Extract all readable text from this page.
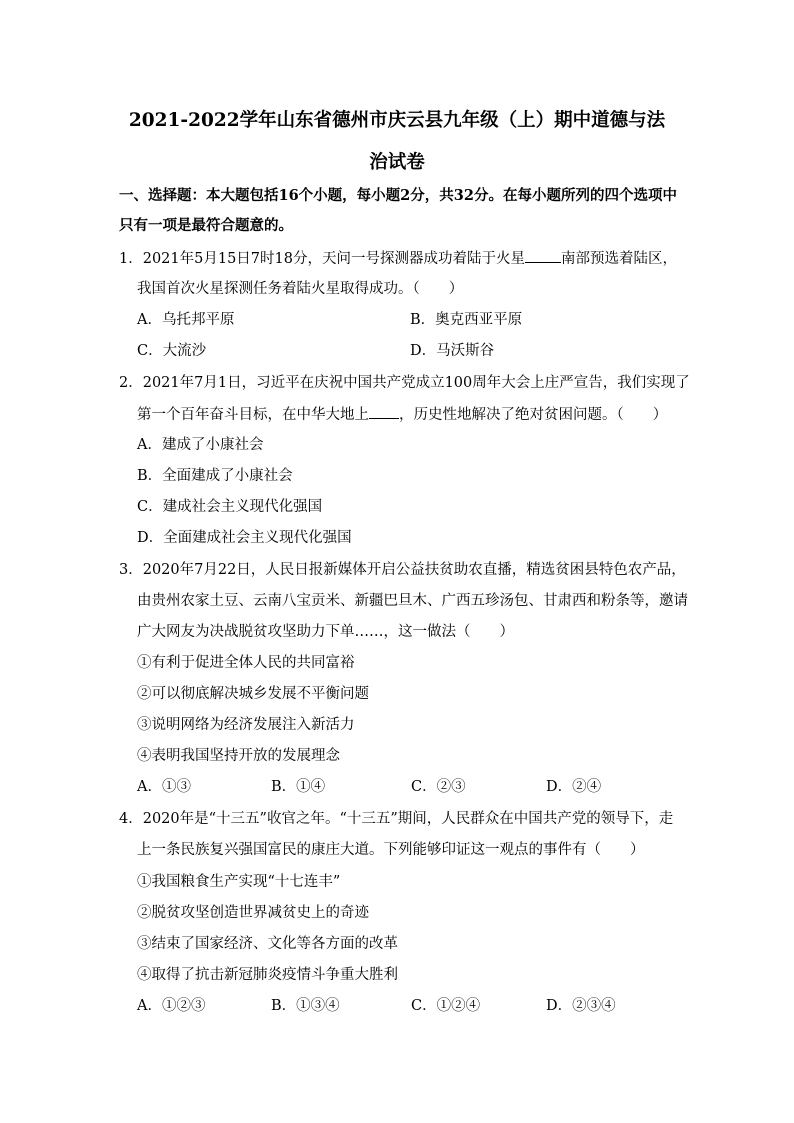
2021-2022学年山东省德州市庆云县九年级（上）期中道德与法
治试卷
一、选择题：本大题包括16个小题，每小题2分，共32分。在每小题所列的四个选项中
只有一项是最符合题意的。
1．2021年5月15日7时18分，天问一号探测器成功着陆于火星 南部预选着陆区，
我国首次火星探测任务着陆火星取得成功。（　　）
A．乌托邦平原	B．奥克西亚平原
C．大流沙	D．马沃斯谷
2．2021年7月1日，习近平在庆祝中国共产党成立100周年大会上庄严宣告，我们实现了
第一个百年奋斗目标，在中华大地上 ，历史性地解决了绝对贫困问题。（　　）
A．建成了小康社会
B．全面建成了小康社会
C．建成社会主义现代化强国
D．全面建成社会主义现代化强国
3．2020年7月22日，人民日报新媒体开启公益扶贫助农直播，精选贫困县特色农产品，
由贵州农家土豆、云南八宝贡米、新疆巴旦木、广西五珍汤包、甘肃西和粉条等，邀请
广大网友为决战脱贫攻坚助力下单……，这一做法（　　）
①有利于促进全体人民的共同富裕
②可以彻底解决城乡发展不平衡问题
③说明网络为经济发展注入新活力
④表明我国坚持开放的发展理念
A．①③	B．①④	C．②③	D．②④
4．2020年是“十三五”收官之年。“十三五”期间，人民群众在中国共产党的领导下，走
上一条民族复兴强国富民的康庄大道。下列能够印证这一观点的事件有（　　）
①我国粮食生产实现“十七连丰”
②脱贫攻坚创造世界减贫史上的奇迹
③结束了国家经济、文化等各方面的改革
④取得了抗击新冠肺炎疫情斗争重大胜利
A．①②③	B．①③④	C．①②④	D．②③④
